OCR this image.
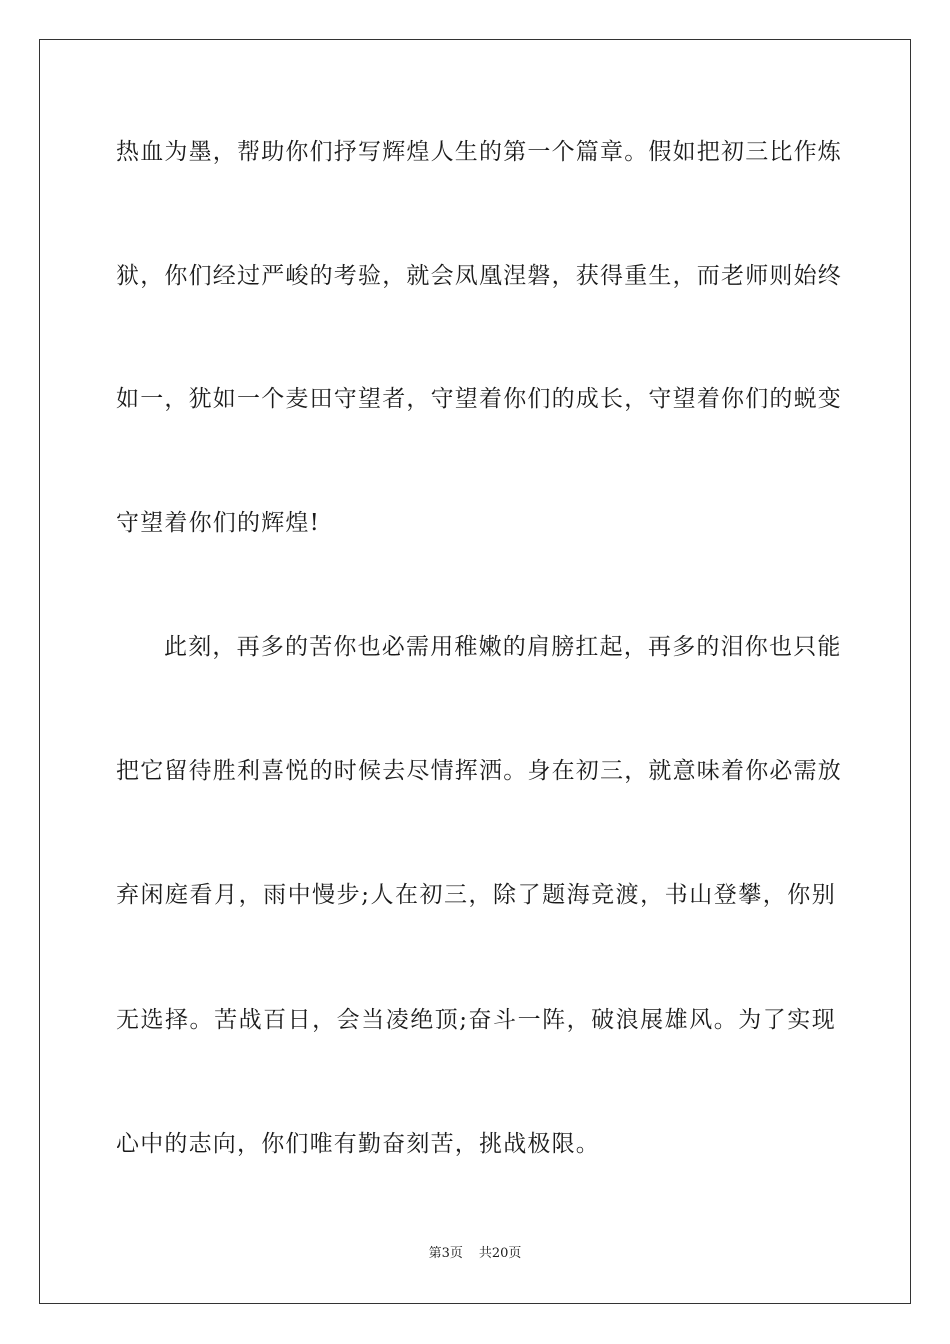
热血为墨，帮助你们抒写辉煌人生的第一个篇章。假如把初三比作炼
狱，你们经过严峻的考验，就会凤凰涅磐，获得重生，而老师则始终
如一，犹如一个麦田守望者，守望着你们的成长，守望着你们的蜕变
守望着你们的辉煌!
此刻，再多的苦你也必需用稚嫩的肩膀扛起，再多的泪你也只能
把它留待胜利喜悦的时候去尽情挥洒。身在初三，就意味着你必需放
弃闲庭看月，雨中慢步;人在初三，除了题海竞渡，书山登攀，你别
无选择。苦战百日，会当凌绝顶;奋斗一阵，破浪展雄风。为了实现
心中的志向，你们唯有勤奋刻苦，挑战极限。
第3页 共20页
